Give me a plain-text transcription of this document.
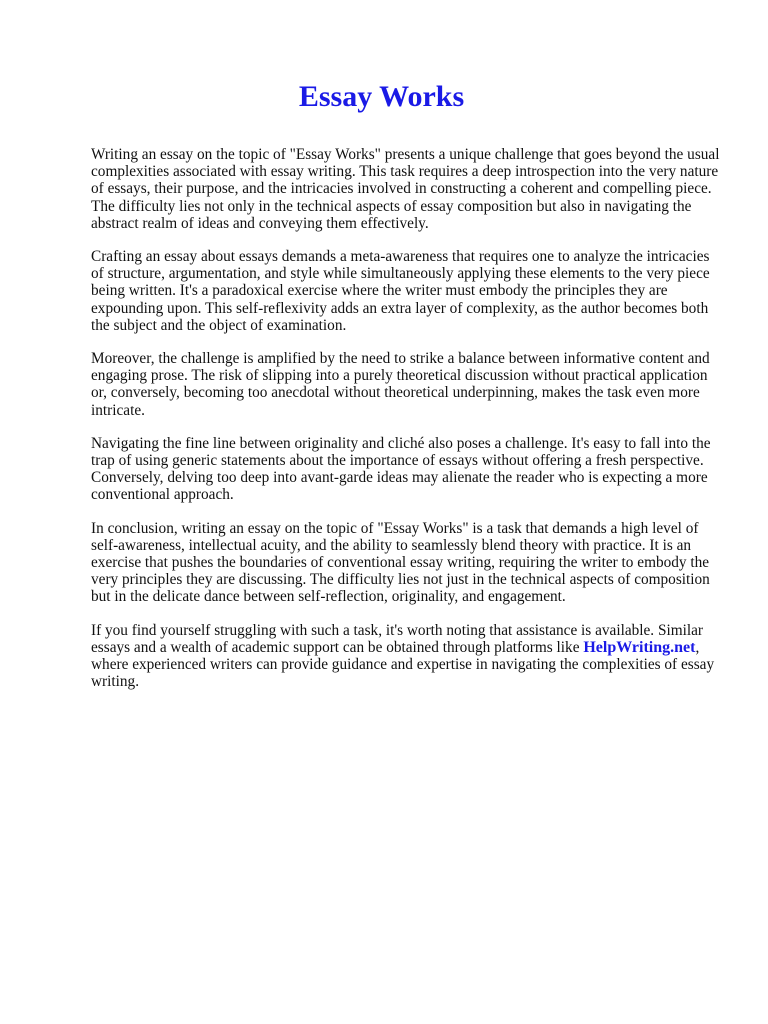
Essay Works

Writing an essay on the topic of "Essay Works" presents a unique challenge that goes beyond the usual complexities associated with essay writing. This task requires a deep introspection into the very nature of essays, their purpose, and the intricacies involved in constructing a coherent and compelling piece. The difficulty lies not only in the technical aspects of essay composition but also in navigating the abstract realm of ideas and conveying them effectively.

Crafting an essay about essays demands a meta-awareness that requires one to analyze the intricacies of structure, argumentation, and style while simultaneously applying these elements to the very piece being written. It's a paradoxical exercise where the writer must embody the principles they are expounding upon. This self-reflexivity adds an extra layer of complexity, as the author becomes both the subject and the object of examination.

Moreover, the challenge is amplified by the need to strike a balance between informative content and engaging prose. The risk of slipping into a purely theoretical discussion without practical application or, conversely, becoming too anecdotal without theoretical underpinning, makes the task even more intricate.

Navigating the fine line between originality and cliché also poses a challenge. It's easy to fall into the trap of using generic statements about the importance of essays without offering a fresh perspective. Conversely, delving too deep into avant-garde ideas may alienate the reader who is expecting a more conventional approach.

In conclusion, writing an essay on the topic of "Essay Works" is a task that demands a high level of self-awareness, intellectual acuity, and the ability to seamlessly blend theory with practice. It is an exercise that pushes the boundaries of conventional essay writing, requiring the writer to embody the very principles they are discussing. The difficulty lies not just in the technical aspects of composition but in the delicate dance between self-reflection, originality, and engagement.

If you find yourself struggling with such a task, it's worth noting that assistance is available. Similar essays and a wealth of academic support can be obtained through platforms like HelpWriting.net, where experienced writers can provide guidance and expertise in navigating the complexities of essay writing.
